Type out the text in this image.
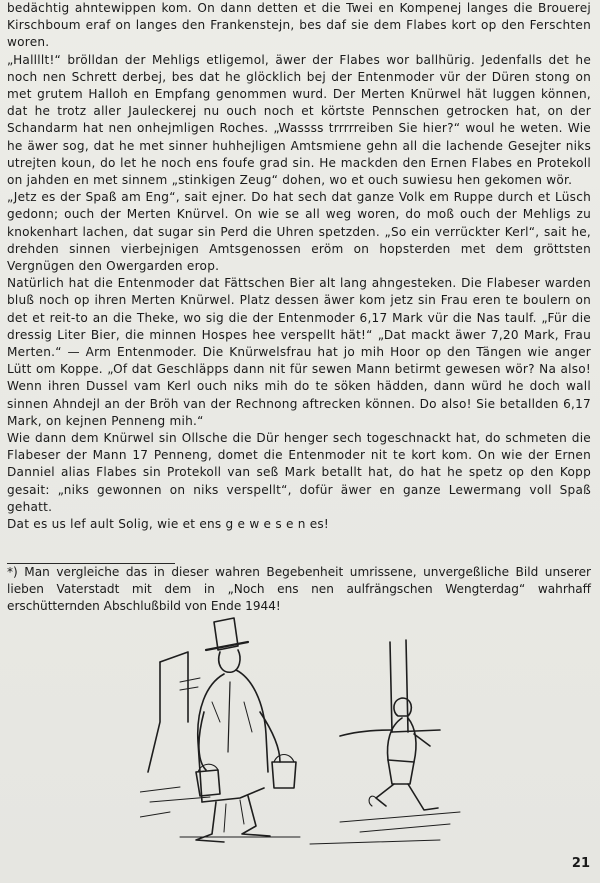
bedächtig ahntewippen kom. On dann detten et die Twei en Kompenej langes die Brouerej Kirschboum eraf on langes den Frankenstejn, bes daf sie dem Flabes kort op den Ferschten woren.

„Hallllt!“ brölldan der Mehligs etligemol, äwer der Flabes wor ballhürig. Jedenfalls det he noch nen Schrett derbej, bes dat he glöcklich bej der Entenmoder vür der Düren stong on met grutem Halloh en Empfang genommen wurd. Der Merten Knürwel hät luggen können, dat he trotz aller Jauleckerej nu ouch noch et körtste Pennschen getrocken hat, on der Schandarm hat nen onhejmligen Roches. „Wassss trrrrreiben Sie hier?“ woul he weten. Wie he äwer sog, dat he met sinner huhhejligen Amtsmiene gehn all die lachende Gesejter niks utrejten koun, do let he noch ens foufe grad sin. He mackden den Ernen Flabes en Protekoll on jahden en met sinnem „stinkigen Zeug“ dohen, wo et ouch suwiesu hen gekomen wör.

„Jetz es der Spaß am Eng“, sait ejner. Do hat sech dat ganze Volk em Ruppe durch et Lüsch gedonn; ouch der Merten Knürvel. On wie se all weg woren, do moß ouch der Mehligs zu knokenhart lachen, dat sugar sin Perd die Uhren spetzden. „So ein verrückter Kerl“, sait he, drehden sinnen vierbejnigen Amtsgenossen eröm on hopsterden met dem gröttsten Vergnügen den Owergarden erop.

Natürlich hat die Entenmoder dat Fättschen Bier alt lang ahngesteken. Die Flabeser warden bluß noch op ihren Merten Knürwel. Platz dessen äwer kom jetz sin Frau eren te boulern on det et reit-to an die Theke, wo sig die der Entenmoder 6,17 Mark vür die Nas taulf. „Für die dressig Liter Bier, die minnen Hospes hee verspellt hät!“ „Dat mackt äwer 7,20 Mark, Frau Merten.“ — Arm Entenmoder. Die Knürwelsfrau hat jo mih Hoor op den Tängen wie anger Lütt om Koppe. „Of dat Geschläpps dann nit für sewen Mann betirmt gewesen wör? Na also! Wenn ihren Dussel vam Kerl ouch niks mih do te söken hädden, dann würd he doch wall sinnen Ahndejl an der Bröh van der Rechnong aftrecken können. Do also! Sie betallden 6,17 Mark, on kejnen Penneng mih.“

Wie dann dem Knürwel sin Ollsche die Dür henger sech togeschnackt hat, do schmeten die Flabeser der Mann 17 Penneng, domet die Entenmoder nit te kort kom. On wie der Ernen Danniel alias Flabes sin Protekoll van seß Mark betallt hat, do hat he spetz op den Kopp gesait: „niks gewonnen on niks verspellt“, dofür äwer en ganze Lewermang voll Spaß gehatt.

Dat es us lef ault Solig, wie et ens g e w e s e n es!

*) Man vergleiche das in dieser wahren Begebenheit umrissene, unvergeßliche Bild unserer lieben Vaterstadt mit dem in „Noch ens nen aulfrängschen Wengterdag“ wahrhaff erschütternden Abschlußbild von Ende 1944!

21
